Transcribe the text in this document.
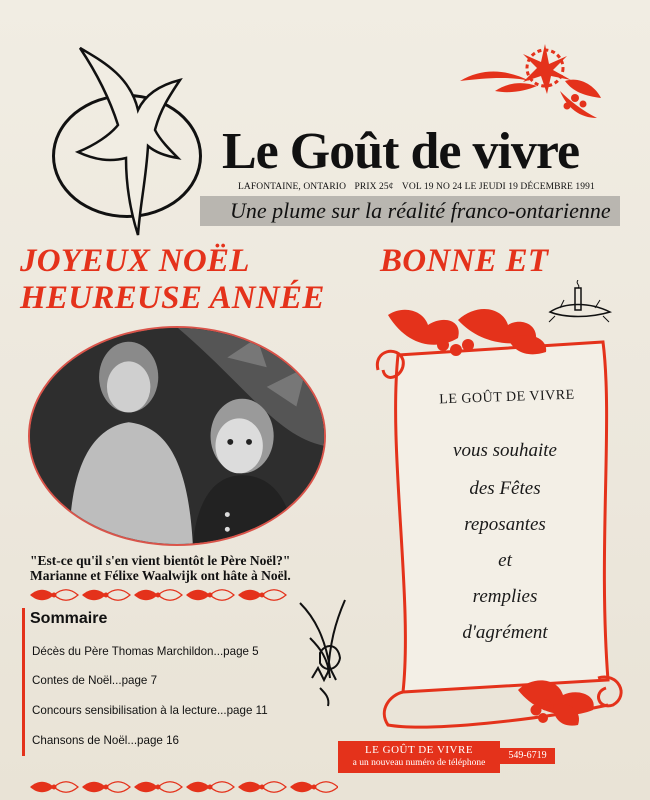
Le Goût de vivre
LAFONTAINE, ONTARIO PRIX 25¢ VOL 19 NO 24 LE JEUDI 19 DÉCEMBRE 1991
Une plume sur la réalité franco-ontarienne
JOYEUX NOËL	BONNE ET
HEUREUSE ANNÉE
"Est-ce qu'il s'en vient bientôt le Père Noël?"
Marianne et Félixe Waalwijk ont hâte à Noël.
Sommaire
Décès du Père Thomas Marchildon...page 5
Contes de Noël...page 7
Concours sensibilisation à la lecture...page 11
Chansons de Noël...page 16
LE GOÛT DE VIVRE
vous souhaite
des Fêtes
reposantes
et
remplies
d'agrément
LE GOÛT DE VIVRE
a un nouveau numéro de téléphone
549-6719
